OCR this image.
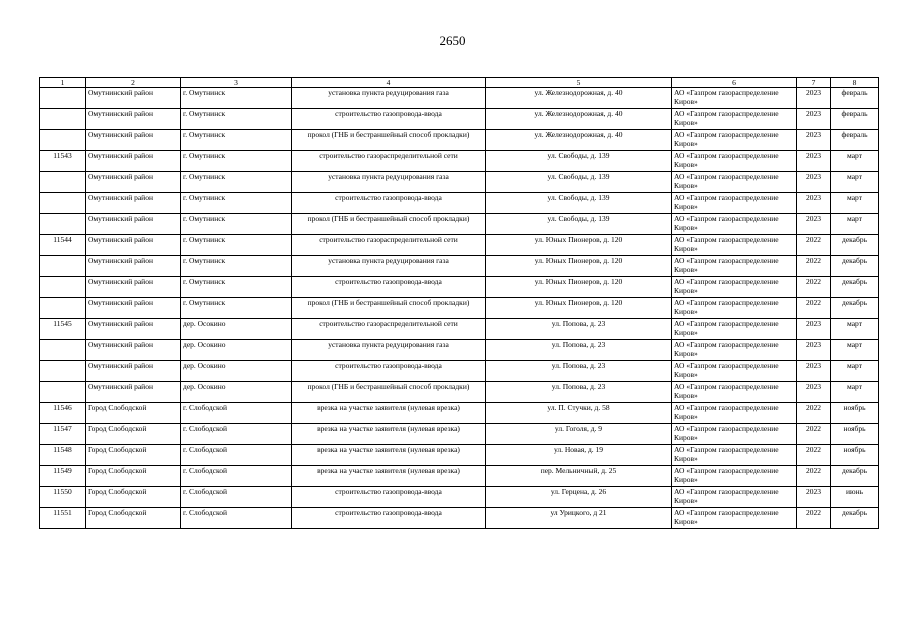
2650
1	2	3	4	5	6	7	8
	Омутнинский район	г. Омутнинск	установка пункта редуцирования газа	ул. Железнодорожная, д. 40	АО «Газпром газораспределение Киров»	2023	февраль
	Омутнинский район	г. Омутнинск	строительство газопровода-ввода	ул. Железнодорожная, д. 40	АО «Газпром газораспределение Киров»	2023	февраль
	Омутнинский район	г. Омутнинск	прокол (ГНБ и бестраншейный способ прокладки)	ул. Железнодорожная, д. 40	АО «Газпром газораспределение Киров»	2023	февраль
11543	Омутнинский район	г. Омутнинск	строительство газораспределительной сети	ул. Свободы, д. 139	АО «Газпром газораспределение Киров»	2023	март
	Омутнинский район	г. Омутнинск	установка пункта редуцирования газа	ул. Свободы, д. 139	АО «Газпром газораспределение Киров»	2023	март
	Омутнинский район	г. Омутнинск	строительство газопровода-ввода	ул. Свободы, д. 139	АО «Газпром газораспределение Киров»	2023	март
	Омутнинский район	г. Омутнинск	прокол (ГНБ и бестраншейный способ прокладки)	ул. Свободы, д. 139	АО «Газпром газораспределение Киров»	2023	март
11544	Омутнинский район	г. Омутнинск	строительство газораспределительной сети	ул. Юных Пионеров, д. 120	АО «Газпром газораспределение Киров»	2022	декабрь
	Омутнинский район	г. Омутнинск	установка пункта редуцирования газа	ул. Юных Пионеров, д. 120	АО «Газпром газораспределение Киров»	2022	декабрь
	Омутнинский район	г. Омутнинск	строительство газопровода-ввода	ул. Юных Пионеров, д. 120	АО «Газпром газораспределение Киров»	2022	декабрь
	Омутнинский район	г. Омутнинск	прокол (ГНБ и бестраншейный способ прокладки)	ул. Юных Пионеров, д. 120	АО «Газпром газораспределение Киров»	2022	декабрь
11545	Омутнинский район	дер. Осокино	строительство газораспределительной сети	ул. Попова, д. 23	АО «Газпром газораспределение Киров»	2023	март
	Омутнинский район	дер. Осокино	установка пункта редуцирования газа	ул. Попова, д. 23	АО «Газпром газораспределение Киров»	2023	март
	Омутнинский район	дер. Осокино	строительство газопровода-ввода	ул. Попова, д. 23	АО «Газпром газораспределение Киров»	2023	март
	Омутнинский район	дер. Осокино	прокол (ГНБ и бестраншейный способ прокладки)	ул. Попова, д. 23	АО «Газпром газораспределение Киров»	2023	март
11546	Город Слободской	г. Слободской	врезка на участке заявителя (нулевая врезка)	ул. П. Стучки, д. 58	АО «Газпром газораспределение Киров»	2022	ноябрь
11547	Город Слободской	г. Слободской	врезка на участке заявителя (нулевая врезка)	ул. Гоголя, д. 9	АО «Газпром газораспределение Киров»	2022	ноябрь
11548	Город Слободской	г. Слободской	врезка на участке заявителя (нулевая врезка)	ул. Новая, д. 19	АО «Газпром газораспределение Киров»	2022	ноябрь
11549	Город Слободской	г. Слободской	врезка на участке заявителя (нулевая врезка)	пер. Мельничный, д. 25	АО «Газпром газораспределение Киров»	2022	декабрь
11550	Город Слободской	г. Слободской	строительство газопровода-ввода	ул. Герцена, д. 26	АО «Газпром газораспределение Киров»	2023	июнь
11551	Город Слободской	г. Слободской	строительство газопровода-ввода	ул Урицкого, д 21	АО «Газпром газораспределение Киров»	2022	декабрь
